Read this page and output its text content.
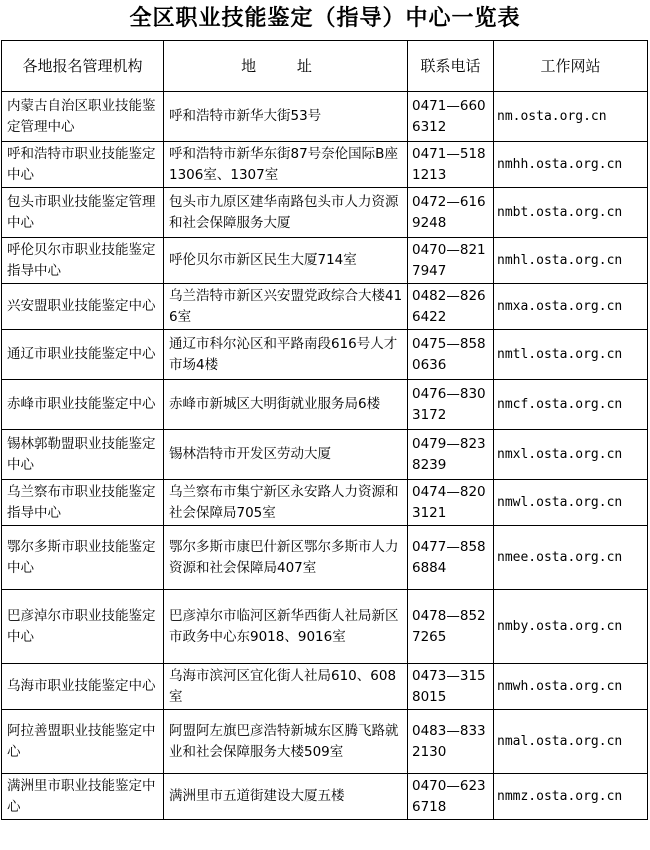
全区职业技能鉴定（指导）中心一览表
各地报名管理机构	地 址	联系电话	工作网站
内蒙古自治区职业技能鉴定管理中心	呼和浩特市新华大街53号	0471—6606312	nm.osta.org.cn
呼和浩特市职业技能鉴定中心	呼和浩特市新华东街87号奈伦国际B座1306室、1307室	0471—5181213	nmhh.osta.org.cn
包头市职业技能鉴定管理中心	包头市九原区建华南路包头市人力资源和社会保障服务大厦	0472—6169248	nmbt.osta.org.cn
呼伦贝尔市职业技能鉴定指导中心	呼伦贝尔市新区民生大厦714室	0470—8217947	nmhl.osta.org.cn
兴安盟职业技能鉴定中心	乌兰浩特市新区兴安盟党政综合大楼416室	0482—8266422	nmxa.osta.org.cn
通辽市职业技能鉴定中心	通辽市科尔沁区和平路南段616号人才市场4楼	0475—8580636	nmtl.osta.org.cn
赤峰市职业技能鉴定中心	赤峰市新城区大明街就业服务局6楼	0476—8303172	nmcf.osta.org.cn
锡林郭勒盟职业技能鉴定中心	锡林浩特市开发区劳动大厦	0479—8238239	nmxl.osta.org.cn
乌兰察布市职业技能鉴定指导中心	乌兰察布市集宁新区永安路人力资源和社会保障局705室	0474—8203121	nmwl.osta.org.cn
鄂尔多斯市职业技能鉴定中心	鄂尔多斯市康巴什新区鄂尔多斯市人力资源和社会保障局407室	0477—8586884	nmee.osta.org.cn
巴彦淖尔市职业技能鉴定中心	巴彦淖尔市临河区新华西街人社局新区市政务中心东9018、9016室	0478—8527265	nmby.osta.org.cn
乌海市职业技能鉴定中心	乌海市滨河区宜化街人社局610、608室	0473—3158015	nmwh.osta.org.cn
阿拉善盟职业技能鉴定中心	阿盟阿左旗巴彦浩特新城东区腾飞路就业和社会保障服务大楼509室	0483—8332130	nmal.osta.org.cn
满洲里市职业技能鉴定中心	满洲里市五道街建设大厦五楼	0470—6236718	nmmz.osta.org.cn
